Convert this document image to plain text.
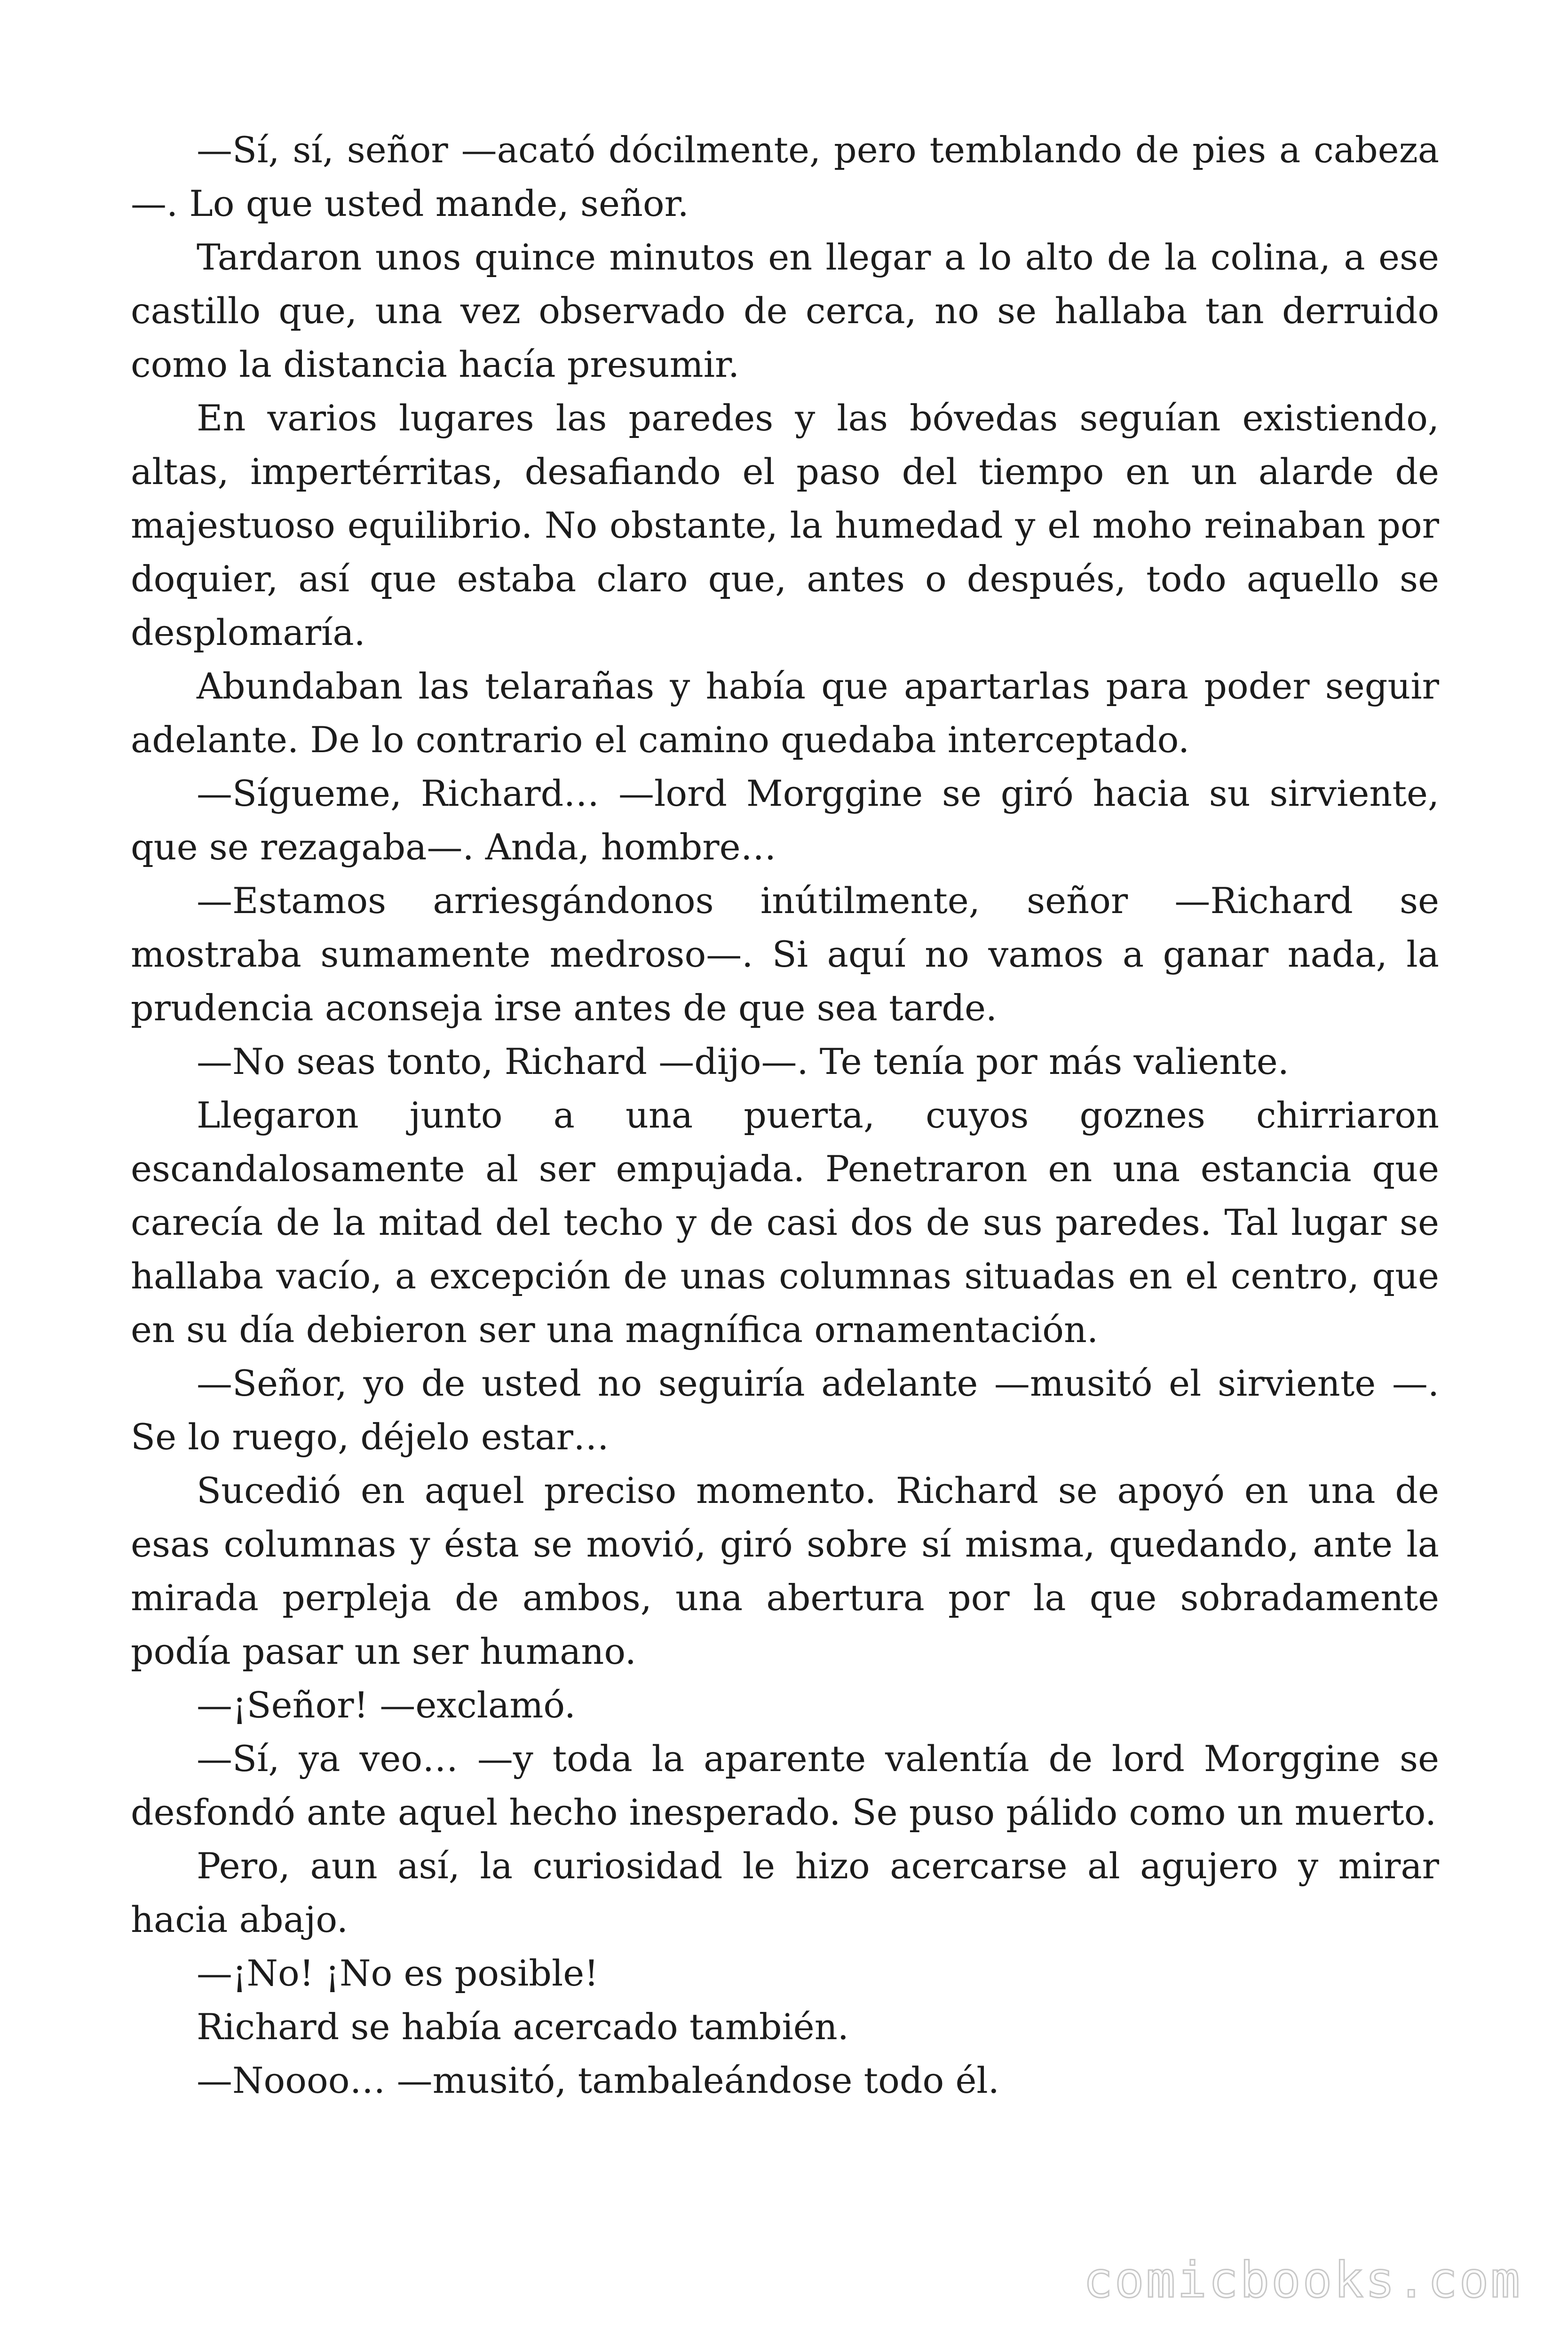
—Sí, sí, señor —acató dócilmente, pero temblando de pies a cabeza—. Lo que usted mande, señor.

Tardaron unos quince minutos en llegar a lo alto de la colina, a ese castillo que, una vez observado de cerca, no se hallaba tan derruido como la distancia hacía presumir.

En varios lugares las paredes y las bóvedas seguían existiendo, altas, impertérritas, desafiando el paso del tiempo en un alarde de majestuoso equilibrio. No obstante, la humedad y el moho reinaban por doquier, así que estaba claro que, antes o después, todo aquello se desplomaría.

Abundaban las telarañas y había que apartarlas para poder seguir adelante. De lo contrario el camino quedaba interceptado.

—Sígueme, Richard… —lord Morggine se giró hacia su sirviente, que se rezagaba—. Anda, hombre…

—Estamos arriesgándonos inútilmente, señor —Richard se mostraba sumamente medroso—. Si aquí no vamos a ganar nada, la prudencia aconseja irse antes de que sea tarde.

—No seas tonto, Richard —dijo—. Te tenía por más valiente.

Llegaron junto a una puerta, cuyos goznes chirriaron escandalosamente al ser empujada. Penetraron en una estancia que carecía de la mitad del techo y de casi dos de sus paredes. Tal lugar se hallaba vacío, a excepción de unas columnas situadas en el centro, que en su día debieron ser una magnífica ornamentación.

—Señor, yo de usted no seguiría adelante —musitó el sirviente —. Se lo ruego, déjelo estar…

Sucedió en aquel preciso momento. Richard se apoyó en una de esas columnas y ésta se movió, giró sobre sí misma, quedando, ante la mirada perpleja de ambos, una abertura por la que sobradamente podía pasar un ser humano.

—¡Señor! —exclamó.

—Sí, ya veo… —y toda la aparente valentía de lord Morggine se desfondó ante aquel hecho inesperado. Se puso pálido como un muerto.

Pero, aun así, la curiosidad le hizo acercarse al agujero y mirar hacia abajo.

—¡No! ¡No es posible!

Richard se había acercado también.

—Noooo… —musitó, tambaleándose todo él.

comicbooks.com
